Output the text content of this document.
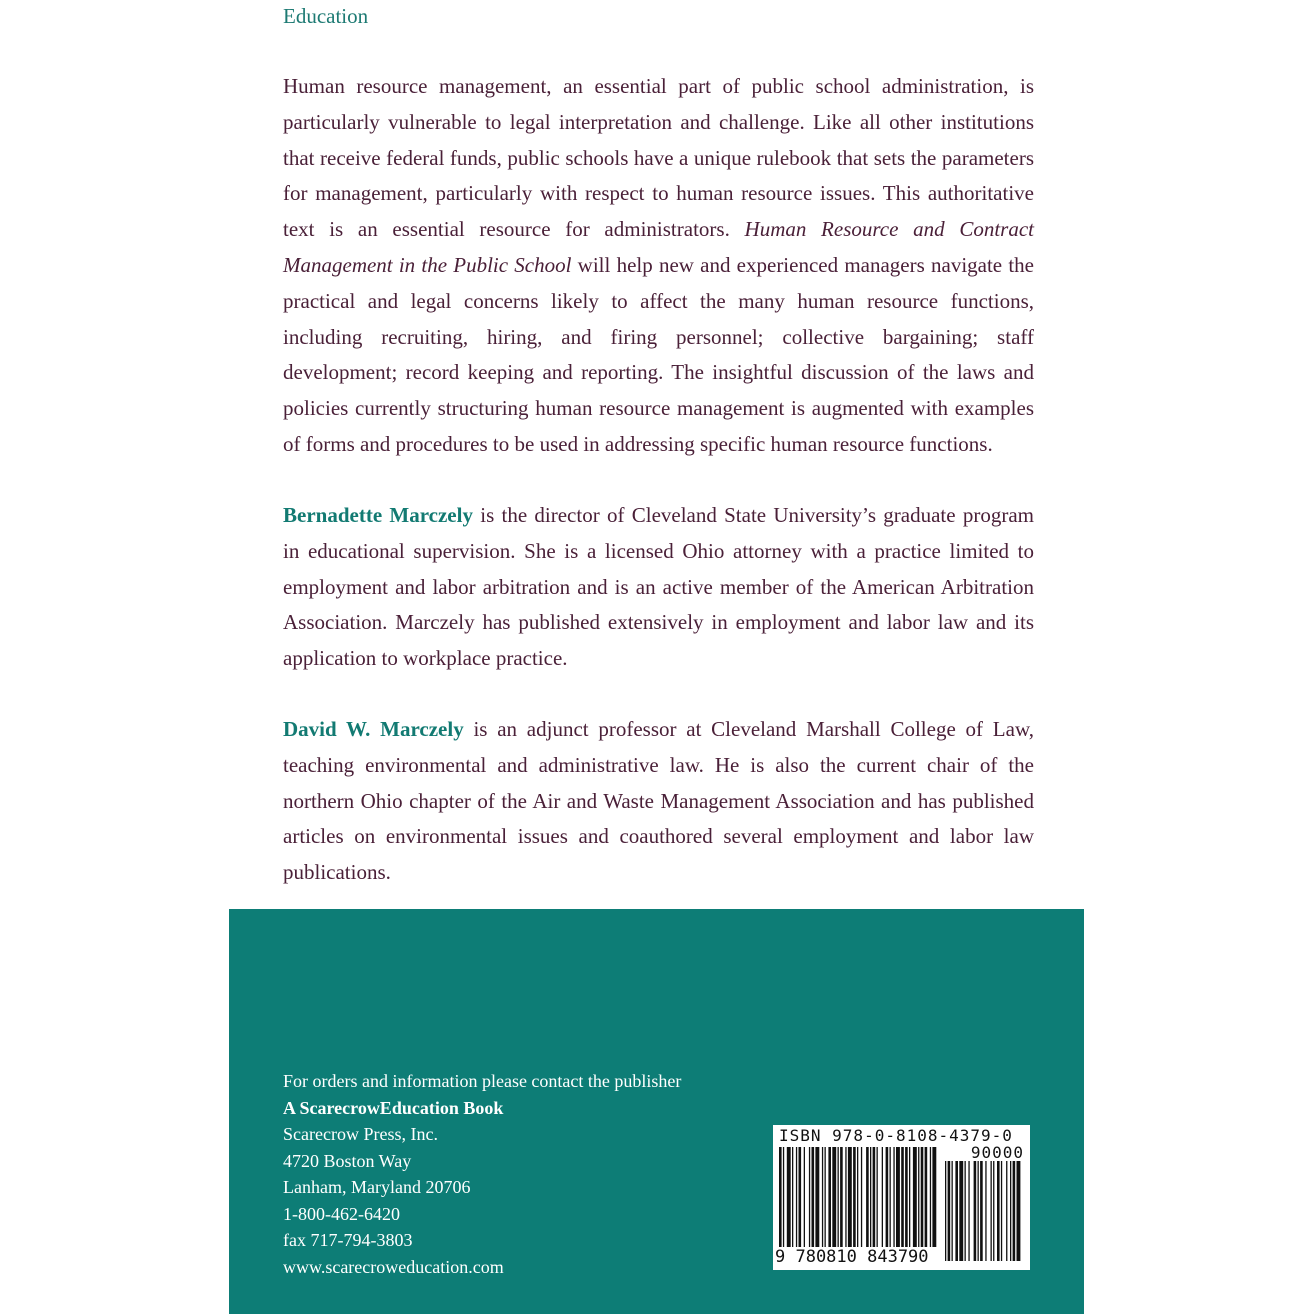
Education

Human resource management, an essential part of public school administration, is particularly vulnerable to legal interpretation and challenge. Like all other institutions that receive federal funds, public schools have a unique rulebook that sets the parameters for management, particularly with respect to human resource issues. This authoritative text is an essential resource for administrators. Human Resource and Contract Management in the Public School will help new and experienced managers navigate the practical and legal concerns likely to affect the many human resource functions, including recruiting, hiring, and firing personnel; collective bargaining; staff development; record keeping and reporting. The insightful discussion of the laws and policies currently structuring human resource management is augmented with examples of forms and procedures to be used in addressing specific human resource functions.

Bernadette Marczely is the director of Cleveland State University’s graduate program in educational supervision. She is a licensed Ohio attorney with a practice limited to employment and labor arbitration and is an active member of the American Arbitration Association. Marczely has published extensively in employment and labor law and its application to workplace practice.

David W. Marczely is an adjunct professor at Cleveland Marshall College of Law, teaching environmental and administrative law. He is also the current chair of the northern Ohio chapter of the Air and Waste Management Association and has published articles on environmental issues and coauthored several employment and labor law publications.

For orders and information please contact the publisher
A ScarecrowEducation Book
Scarecrow Press, Inc.
4720 Boston Way
Lanham, Maryland 20706
1-800-462-6420
fax 717-794-3803
www.scarecroweducation.com
ISBN 978-0-8108-4379-0
90000
9 780810 843790
